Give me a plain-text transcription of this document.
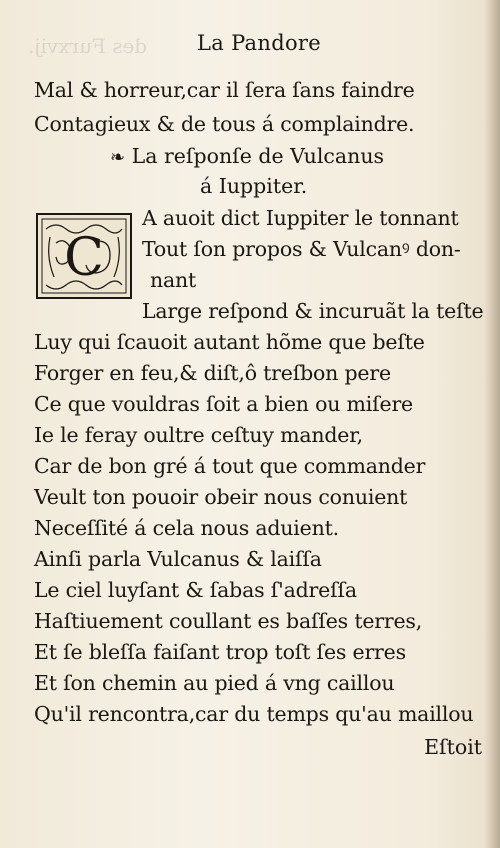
des Furxvij.	La Pandore
Mal & horreur,car il ſera ſans faindre
Contagieux & de tous á complaindre.
❧ La reſponſe de Vulcanus
á Iuppiter.
C
A auoit dict Iuppiter le tonnant
Tout ſon propos & Vulcanꝰ don-
nant
Large reſpond & incuruãt la teſte
Luy qui ſcauoit autant hõme que beſte
Forger en feu,& diſt,ô treſbon pere
Ce que vouldras ſoit a bien ou miſere
Ie le feray oultre ceſtuy mander,
Car de bon gré á tout que commander
Veult ton pouoir obeir nous conuient
Neceſſité á cela nous aduient.
Ainſi parla Vulcanus & laiſſa
Le ciel luyſant & ſabas ſ'adreſſa
Haſtiuement coullant es baſſes terres,
Et ſe bleſſa faiſant trop toſt ſes erres
Et ſon chemin au pied á vng caillou
Qu'il rencontra,car du temps qu'au maillou
Eſtoit
